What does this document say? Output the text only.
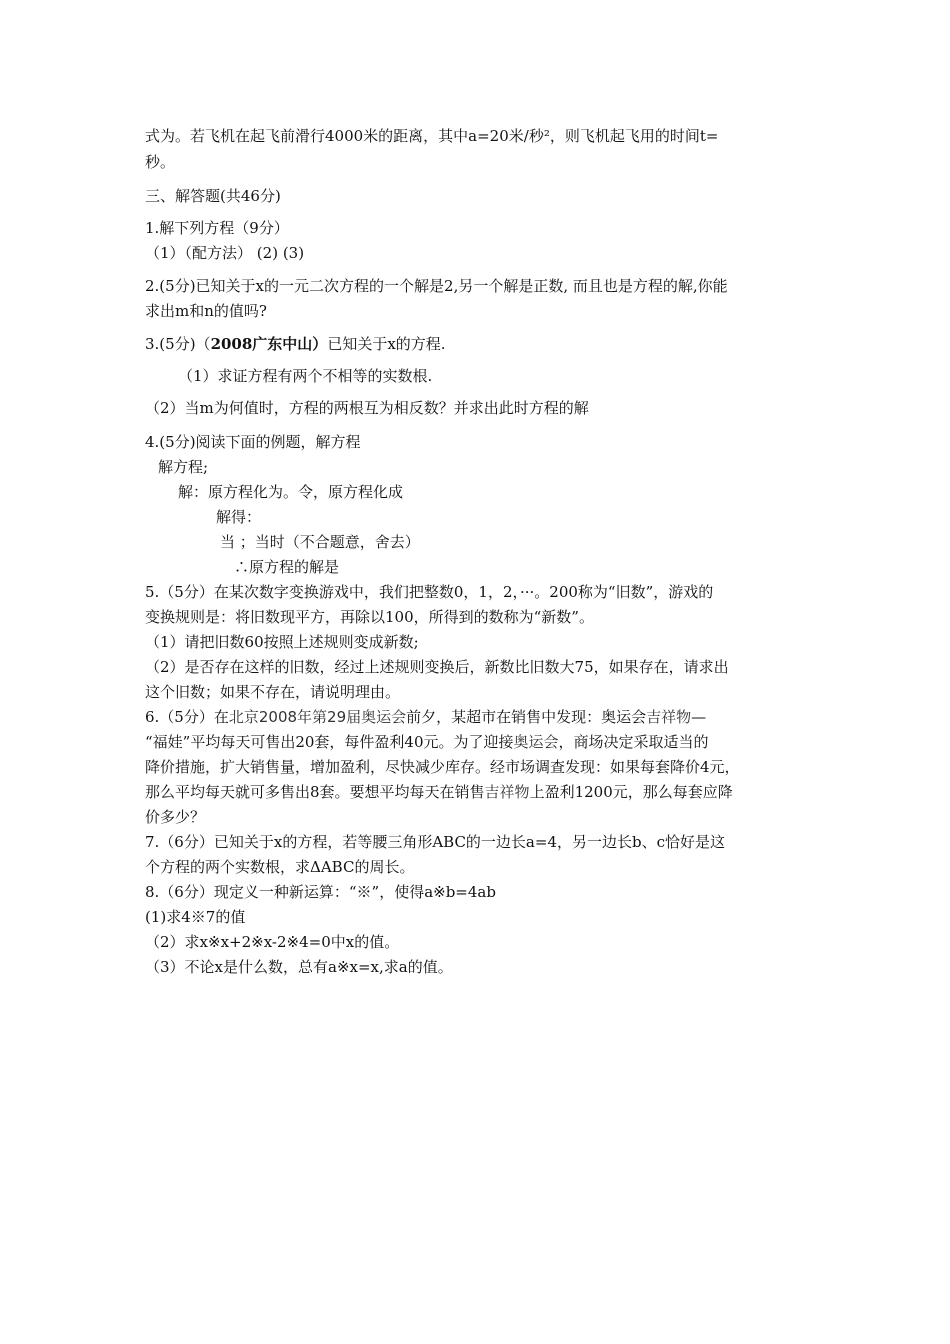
式为。若飞机在起飞前滑行4000米的距离，其中a=20米/秒²，则飞机起飞用的时间t=
秒。
三、解答题(共46分)
1.解下列方程（9分）
（1）（配方法） (2) (3)
2.(5分)已知关于x的一元二次方程的一个解是2,另一个解是正数, 而且也是方程的解,你能
求出m和n的值吗?
3.(5分)（2008广东中山）已知关于x的方程.
（1）求证方程有两个不相等的实数根.
（2）当m为何值时，方程的两根互为相反数？并求出此时方程的解
4.(5分)阅读下面的例题，解方程
解方程;
解：原方程化为。令，原方程化成
解得：
当 ；当时（不合题意，舍去）
∴原方程的解是
5.（5分）在某次数字变换游戏中，我们把整数0，1，2，···。200称为“旧数”，游戏的
变换规则是：将旧数现平方，再除以100，所得到的数称为“新数”。
（1）请把旧数60按照上述规则变成新数;
（2）是否存在这样的旧数，经过上述规则变换后，新数比旧数大75，如果存在，请求出
这个旧数；如果不存在，请说明理由。
6.（5分）在北京2008年第29届奥运会前夕，某超市在销售中发现：奥运会吉祥物—
“福娃”平均每天可售出20套，每件盈利40元。为了迎接奥运会，商场决定采取适当的
降价措施，扩大销售量，增加盈利，尽快减少库存。经市场调查发现：如果每套降价4元，
那么平均每天就可多售出8套。要想平均每天在销售吉祥物上盈利1200元，那么每套应降
价多少？
7.（6分）已知关于x的方程，若等腰三角形ABC的一边长a=4，另一边长b、c恰好是这
个方程的两个实数根，求ΔABC的周长。
8.（6分）现定义一种新运算：“※”，使得a※b=4ab
(1)求4※7的值
（2）求x※x+2※x-2※4=0中x的值。
（3）不论x是什么数，总有a※x=x,求a的值。
